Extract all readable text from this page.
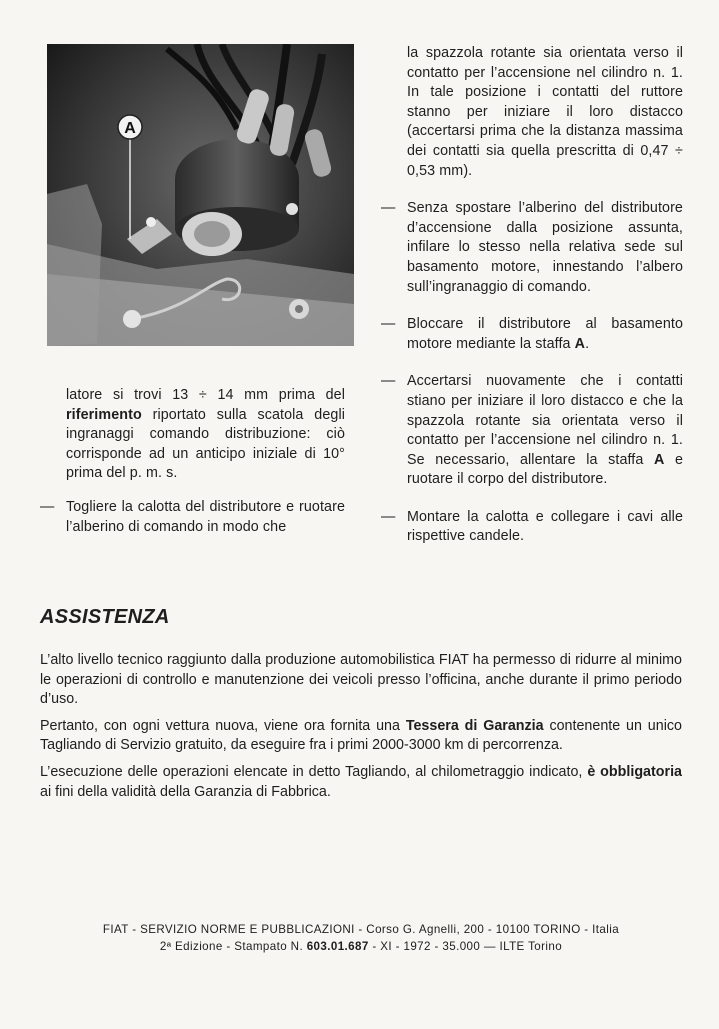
A

latore si trovi 13 ÷ 14 mm prima del riferimento riportato sulla scatola degli ingranaggi comando distribuzione: ciò corrisponde ad un anticipo iniziale di 10° prima del p. m. s.

— Togliere la calotta del distributore e ruotare l’alberino di comando in modo che

la spazzola rotante sia orientata verso il contatto per l’accensione nel cilindro n. 1. In tale posizione i contatti del ruttore stanno per iniziare il loro distacco (accertarsi prima che la distanza massima dei contatti sia quella prescritta di 0,47 ÷ 0,53 mm).

— Senza spostare l’alberino del distributore d’accensione dalla posizione assunta, infilare lo stesso nella relativa sede sul basamento motore, innestando l’albero sull’ingranaggio di comando.

— Bloccare il distributore al basamento motore mediante la staffa A.

— Accertarsi nuovamente che i contatti stiano per iniziare il loro distacco e che la spazzola rotante sia orientata verso il contatto per l’accensione nel cilindro n. 1. Se necessario, allentare la staffa A e ruotare il corpo del distributore.

— Montare la calotta e collegare i cavi alle rispettive candele.

ASSISTENZA

L’alto livello tecnico raggiunto dalla produzione automobilistica FIAT ha permesso di ridurre al minimo le operazioni di controllo e manutenzione dei veicoli presso l’officina, anche durante il primo periodo d’uso.

Pertanto, con ogni vettura nuova, viene ora fornita una Tessera di Garanzia contenente un unico Tagliando di Servizio gratuito, da eseguire fra i primi 2000-3000 km di percorrenza.

L’esecuzione delle operazioni elencate in detto Tagliando, al chilometraggio indicato, è obbligatoria ai fini della validità della Garanzia di Fabbrica.

FIAT - SERVIZIO NORME E PUBBLICAZIONI - Corso G. Agnelli, 200 - 10100 TORINO - Italia
2ª Edizione - Stampato N. 603.01.687 - XI - 1972 - 35.000 — ILTE Torino
